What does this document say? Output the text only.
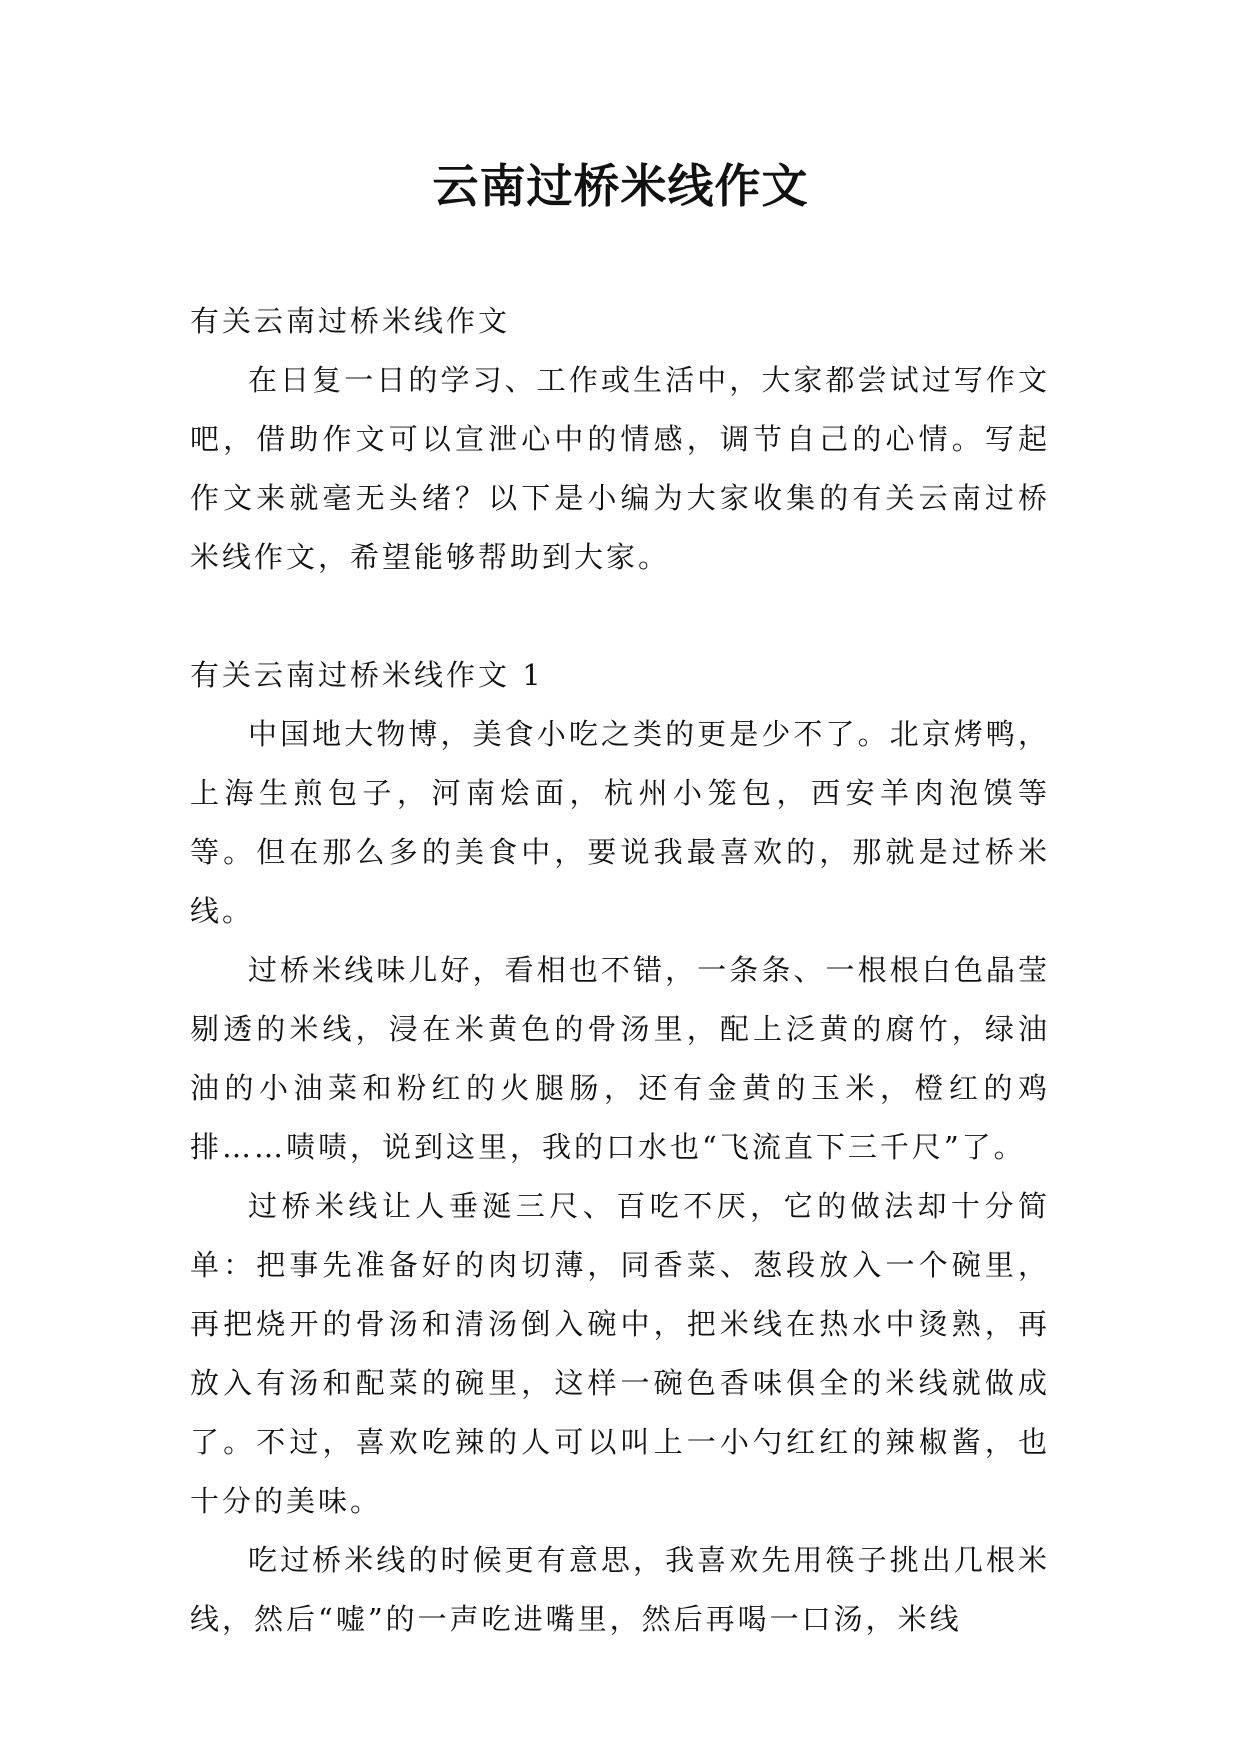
云南过桥米线作文

有关云南过桥米线作文

在日复一日的学习、工作或生活中，大家都尝试过写作文吧，借助作文可以宣泄心中的情感，调节自己的心情。写起作文来就毫无头绪？以下是小编为大家收集的有关云南过桥米线作文，希望能够帮助到大家。

有关云南过桥米线作文 1

中国地大物博，美食小吃之类的更是少不了。北京烤鸭，上海生煎包子，河南烩面，杭州小笼包，西安羊肉泡馍等等。但在那么多的美食中，要说我最喜欢的，那就是过桥米线。

过桥米线味儿好，看相也不错，一条条、一根根白色晶莹剔透的米线，浸在米黄色的骨汤里，配上泛黄的腐竹，绿油油的小油菜和粉红的火腿肠，还有金黄的玉米，橙红的鸡排……啧啧，说到这里，我的口水也“飞流直下三千尺”了。

过桥米线让人垂涎三尺、百吃不厌，它的做法却十分简单：把事先准备好的肉切薄，同香菜、葱段放入一个碗里，再把烧开的骨汤和清汤倒入碗中，把米线在热水中烫熟，再放入有汤和配菜的碗里，这样一碗色香味俱全的米线就做成了。不过，喜欢吃辣的人可以叫上一小勺红红的辣椒酱，也十分的美味。

吃过桥米线的时候更有意思，我喜欢先用筷子挑出几根米线，然后“嘘”的一声吃进嘴里，然后再喝一口汤，米线
